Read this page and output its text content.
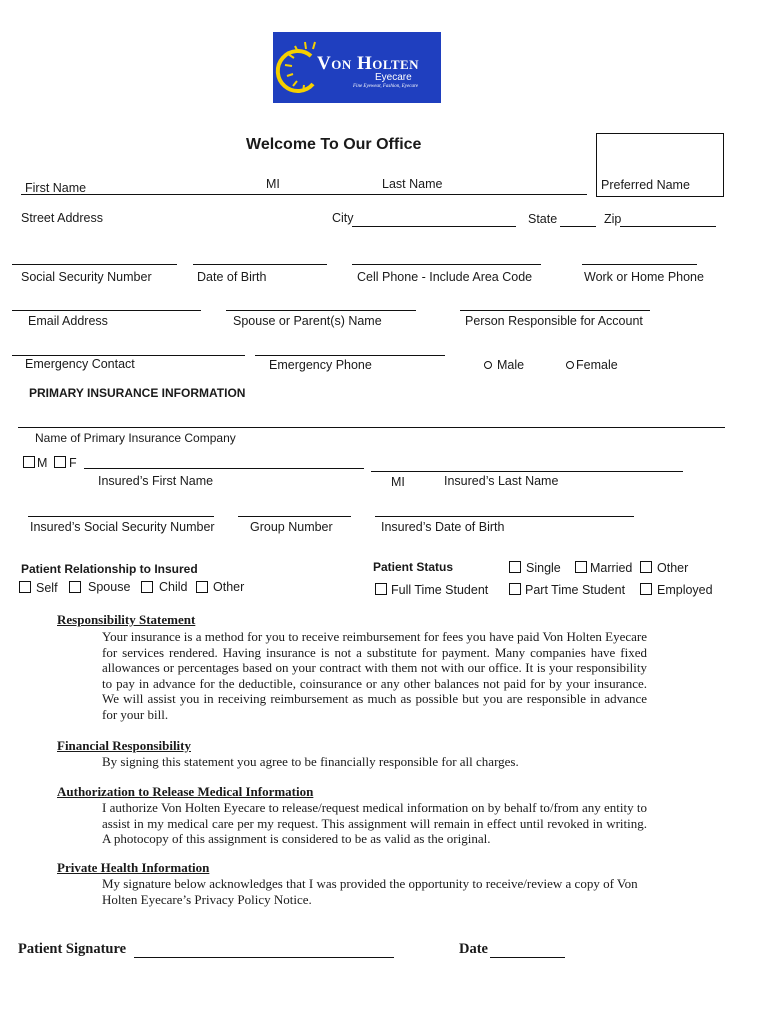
Von Holten
Eyecare
Fine Eyewear, Fashion, Eyecare
Welcome To Our Office
Preferred Name
First Name	MI	Last Name
Street Address	City	State	Zip
Social Security Number	Date of Birth	Cell Phone - Include Area Code	Work or Home Phone
Email Address	Spouse or Parent(s) Name	Person Responsible for Account
Emergency Contact	Emergency Phone	Male	Female
PRIMARY INSURANCE INFORMATION
Name of Primary Insurance Company
M F
Insured’s First Name	MI	Insured’s Last Name
Insured’s Social Security Number	Group Number	Insured’s Date of Birth
Patient Relationship to Insured
Self Spouse Child Other
Patient Status	Single Married Other
Full Time Student	Part Time Student	Employed
Responsibility Statement
Your insurance is a method for you to receive reimbursement for fees you have paid Von Holten Eyecare for services rendered. Having insurance is not a substitute for payment. Many companies have fixed allowances or percentages based on your contract with them not with our office. It is your responsibility to pay in advance for the deductible, coinsurance or any other balances not paid for by your insurance. We will assist you in receiving reimbursement as much as possible but you are responsible in advance for your bill.
Financial Responsibility
By signing this statement you agree to be financially responsible for all charges.
Authorization to Release Medical Information
I authorize Von Holten Eyecare to release/request medical information on by behalf to/from any entity to assist in my medical care per my request. This assignment will remain in effect until revoked in writing. A photocopy of this assignment is considered to be as valid as the original.
Private Health Information
My signature below acknowledges that I was provided the opportunity to receive/review a copy of Von Holten Eyecare’s Privacy Policy Notice.
Patient Signature	Date
